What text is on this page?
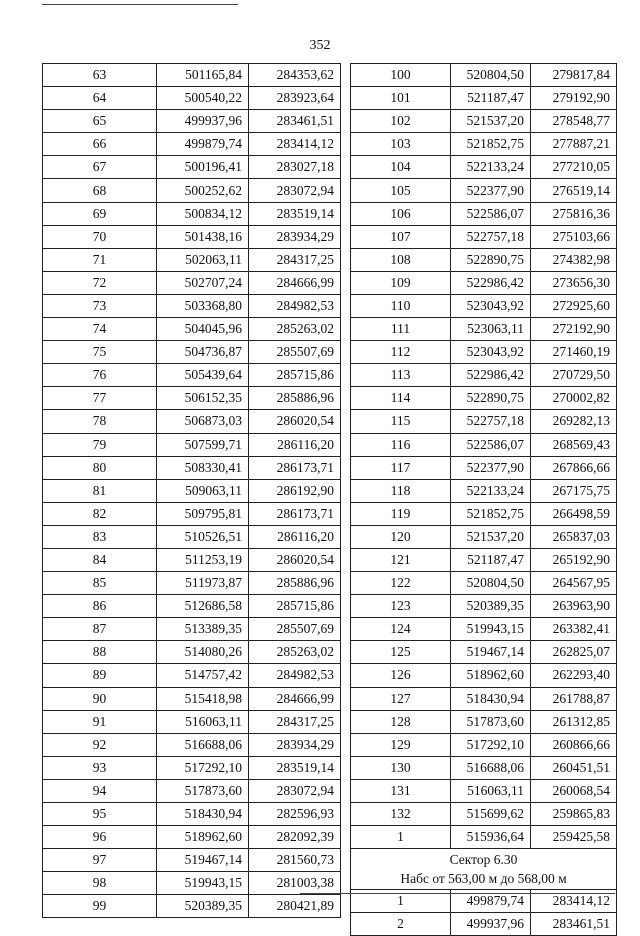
352
63	501165,84	284353,62
64	500540,22	283923,64
65	499937,96	283461,51
66	499879,74	283414,12
67	500196,41	283027,18
68	500252,62	283072,94
69	500834,12	283519,14
70	501438,16	283934,29
71	502063,11	284317,25
72	502707,24	284666,99
73	503368,80	284982,53
74	504045,96	285263,02
75	504736,87	285507,69
76	505439,64	285715,86
77	506152,35	285886,96
78	506873,03	286020,54
79	507599,71	286116,20
80	508330,41	286173,71
81	509063,11	286192,90
82	509795,81	286173,71
83	510526,51	286116,20
84	511253,19	286020,54
85	511973,87	285886,96
86	512686,58	285715,86
87	513389,35	285507,69
88	514080,26	285263,02
89	514757,42	284982,53
90	515418,98	284666,99
91	516063,11	284317,25
92	516688,06	283934,29
93	517292,10	283519,14
94	517873,60	283072,94
95	518430,94	282596,93
96	518962,60	282092,39
97	519467,14	281560,73
98	519943,15	281003,38
99	520389,35	280421,89
100	520804,50	279817,84
101	521187,47	279192,90
102	521537,20	278548,77
103	521852,75	277887,21
104	522133,24	277210,05
105	522377,90	276519,14
106	522586,07	275816,36
107	522757,18	275103,66
108	522890,75	274382,98
109	522986,42	273656,30
110	523043,92	272925,60
111	523063,11	272192,90
112	523043,92	271460,19
113	522986,42	270729,50
114	522890,75	270002,82
115	522757,18	269282,13
116	522586,07	268569,43
117	522377,90	267866,66
118	522133,24	267175,75
119	521852,75	266498,59
120	521537,20	265837,03
121	521187,47	265192,90
122	520804,50	264567,95
123	520389,35	263963,90
124	519943,15	263382,41
125	519467,14	262825,07
126	518962,60	262293,40
127	518430,94	261788,87
128	517873,60	261312,85
129	517292,10	260866,66
130	516688,06	260451,51
131	516063,11	260068,54
132	515699,62	259865,83
1	515936,64	259425,58

Сектор 6.30
Набс от 563,00 м до 568,00 м		

1	499879,74	283414,12
2	499937,96	283461,51
